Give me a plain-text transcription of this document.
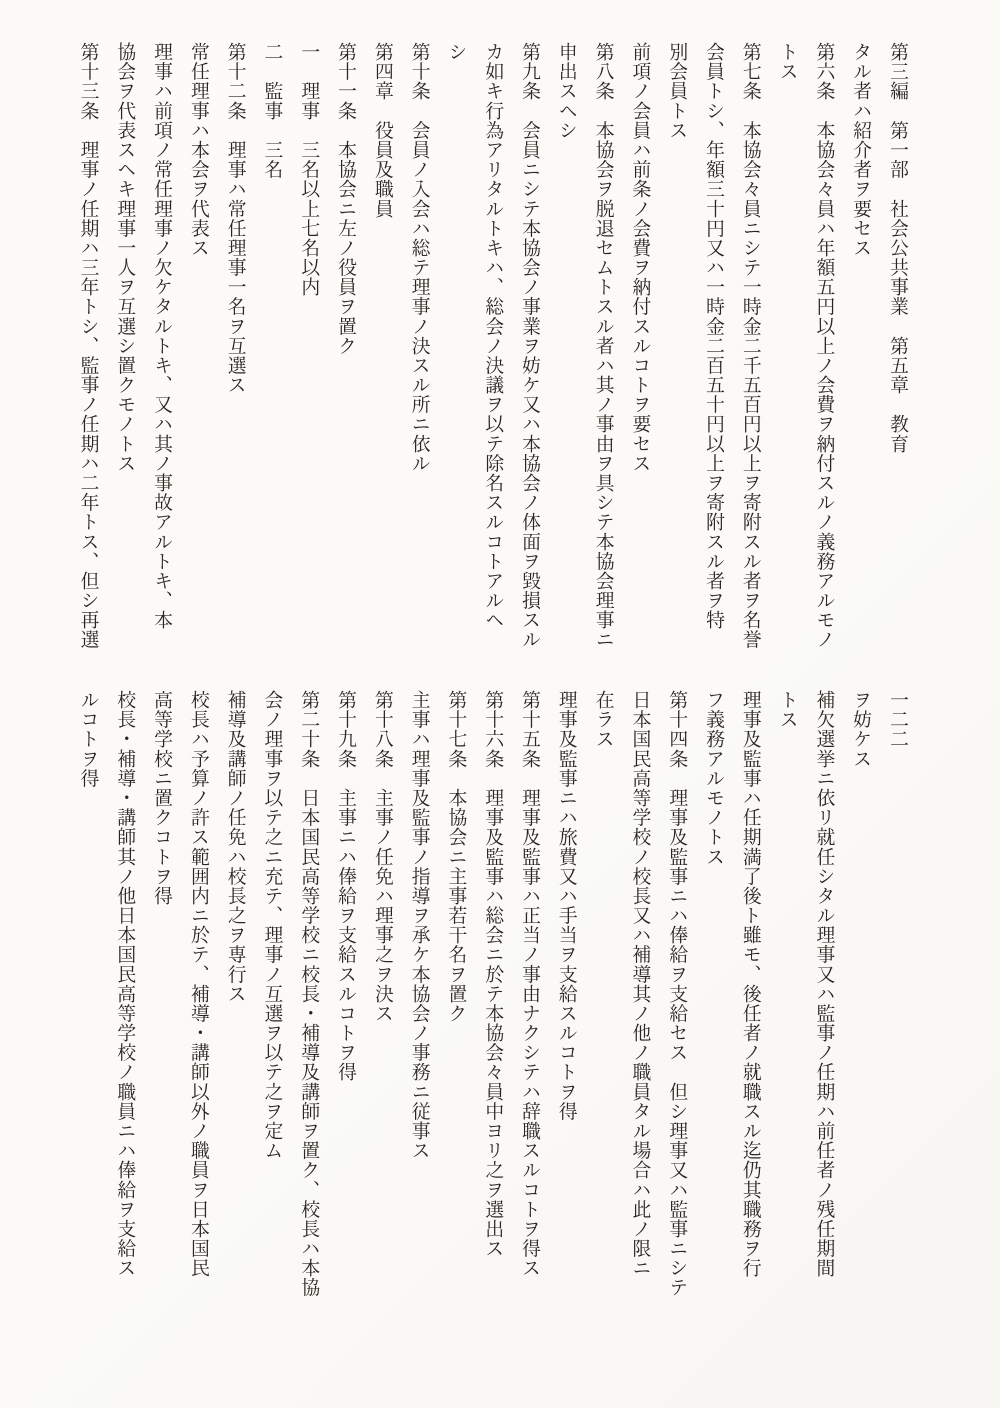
第三編　第一部　社会公共事業　第五章　教育

タル者ハ紹介者ヲ要セス

第六条　本協会々員ハ年額五円以上ノ会費ヲ納付スルノ義務アルモノ

トス

第七条　本協会々員ニシテ一時金二千五百円以上ヲ寄附スル者ヲ名誉

会員トシ、年額三十円又ハ一時金二百五十円以上ヲ寄附スル者ヲ特

別会員トス

前項ノ会員ハ前条ノ会費ヲ納付スルコトヲ要セス

第八条　本協会ヲ脱退セムトスル者ハ其ノ事由ヲ具シテ本協会理事ニ

申出スヘシ

第九条　会員ニシテ本協会ノ事業ヲ妨ケ又ハ本協会ノ体面ヲ毀損スル

カ如キ行為アリタルトキハ、総会ノ決議ヲ以テ除名スルコトアルヘ

シ

第十条　会員ノ入会ハ総テ理事ノ決スル所ニ依ル

第四章　役員及職員

第十一条　本協会ニ左ノ役員ヲ置ク

一　理事　三名以上七名以内

二　監事　三名

第十二条　理事ハ常任理事一名ヲ互選ス

常任理事ハ本会ヲ代表ス

理事ハ前項ノ常任理事ノ欠ケタルトキ、又ハ其ノ事故アルトキ、本

協会ヲ代表スヘキ理事一人ヲ互選シ置クモノトス

第十三条　理事ノ任期ハ三年トシ、監事ノ任期ハ二年トス、但シ再選

一二二

ヲ妨ケス

補欠選挙ニ依リ就任シタル理事又ハ監事ノ任期ハ前任者ノ残任期間

トス

理事及監事ハ任期満了後ト雖モ、後任者ノ就職スル迄仍其職務ヲ行

フ義務アルモノトス

第十四条　理事及監事ニハ俸給ヲ支給セス　但シ理事又ハ監事ニシテ

日本国民高等学校ノ校長又ハ補導其ノ他ノ職員タル場合ハ此ノ限ニ

在ラス

理事及監事ニハ旅費又ハ手当ヲ支給スルコトヲ得

第十五条　理事及監事ハ正当ノ事由ナクシテハ辞職スルコトヲ得ス

第十六条　理事及監事ハ総会ニ於テ本協会々員中ヨリ之ヲ選出ス

第十七条　本協会ニ主事若干名ヲ置ク

主事ハ理事及監事ノ指導ヲ承ケ本協会ノ事務ニ従事ス

第十八条　主事ノ任免ハ理事之ヲ決ス

第十九条　主事ニハ俸給ヲ支給スルコトヲ得

第二十条　日本国民高等学校ニ校長・補導及講師ヲ置ク、校長ハ本協

会ノ理事ヲ以テ之ニ充テ、理事ノ互選ヲ以テ之ヲ定ム

補導及講師ノ任免ハ校長之ヲ専行ス

校長ハ予算ノ許ス範囲内ニ於テ、補導・講師以外ノ職員ヲ日本国民

高等学校ニ置クコトヲ得

校長・補導・講師其ノ他日本国民高等学校ノ職員ニハ俸給ヲ支給ス

ルコトヲ得
